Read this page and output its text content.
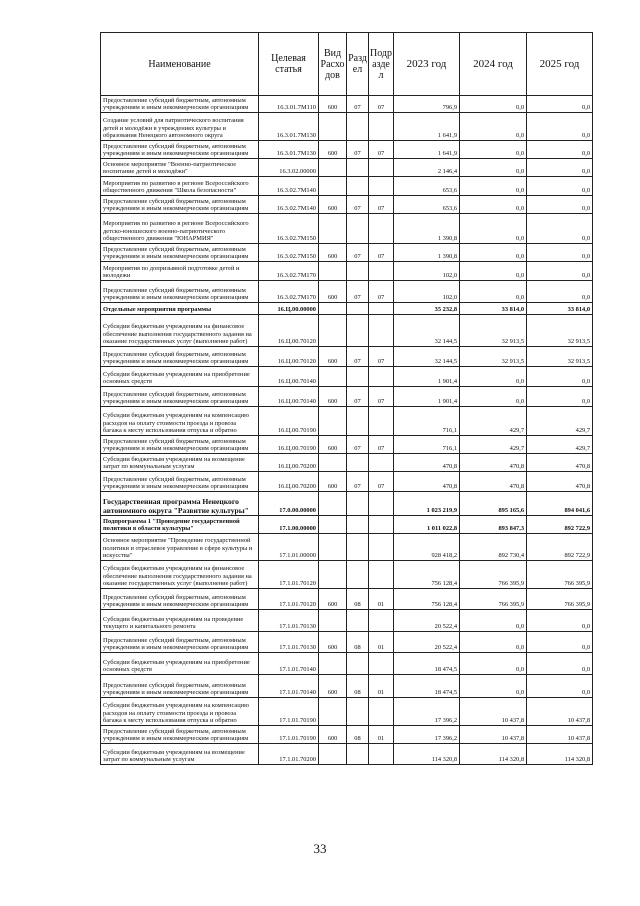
Наименование	Целевая статья	Вид Расхо дов	Разд ел	Подр азде л	2023 год	2024 год	2025 год
Предоставление субсидий бюджетным, автономным учреждениям и иным некоммерческим организациям	16.3.01.7М110	600	07	07	796,9	0,0	0,0
Создание условий для патриотического воспитания детей и молодёжи в учреждениях культуры и образования Ненецкого автономного округа	16.3.01.7М130				1 641,9	0,0	0,0
Предоставление субсидий бюджетным, автономным учреждениям и иным некоммерческим организациям	16.3.01.7М130	600	07	07	1 641,9	0,0	0,0
Основное мероприятие "Военно-патриотическое воспитание детей и молодёжи"	16.3.02.00000				2 146,4	0,0	0,0
Мероприятия по развитию в регионе Всероссийского общественного движения "Школа безопасности"	16.3.02.7М140				653,6	0,0	0,0
Предоставление субсидий бюджетным, автономным учреждениям и иным некоммерческим организациям	16.3.02.7М140	600	07	07	653,6	0,0	0,0
Мероприятия по развитию в регионе Всероссийского детско-юношеского военно-патриотического общественного движения "ЮНАРМИЯ"	16.3.02.7М150				1 390,8	0,0	0,0
Предоставление субсидий бюджетным, автономным учреждениям и иным некоммерческим организациям	16.3.02.7М150	600	07	07	1 390,8	0,0	0,0
Мероприятия по допризывной подготовке детей и молодежи	16.3.02.7М170				102,0	0,0	0,0
Предоставление субсидий бюджетным, автономным учреждениям и иным некоммерческим организациям	16.3.02.7М170	600	07	07	102,0	0,0	0,0
Отдельные мероприятия программы	16.Ц.00.00000				35 232,8	33 814,0	33 814,0
Субсидии бюджетным учреждениям на финансовое обеспечение выполнения государственного задания на оказание государственных услуг (выполнение работ)	16.Ц.00.70120				32 144,5	32 913,5	32 913,5
Предоставление субсидий бюджетным, автономным учреждениям и иным некоммерческим организациям	16.Ц.00.70120	600	07	07	32 144,5	32 913,5	32 913,5
Субсидии бюджетным учреждениям на приобретение основных средств	16.Ц.00.70140				1 901,4	0,0	0,0
Предоставление субсидий бюджетным, автономным учреждениям и иным некоммерческим организациям	16.Ц.00.70140	600	07	07	1 901,4	0,0	0,0
Субсидии бюджетным учреждениям на компенсацию расходов на оплату стоимости проезда и провоза багажа к месту использования отпуска и обратно	16.Ц.00.70190				716,1	429,7	429,7
Предоставление субсидий бюджетным, автономным учреждениям и иным некоммерческим организациям	16.Ц.00.70190	600	07	07	716,1	429,7	429,7
Субсидии бюджетным учреждениям на возмещение затрат по коммунальным услугам	16.Ц.00.70200				470,8	470,8	470,8
Предоставление субсидий бюджетным, автономным учреждениям и иным некоммерческим организациям	16.Ц.00.70200	600	07	07	470,8	470,8	470,8
Государственная программа Ненецкого автономного округа "Развитие культуры"	17.0.00.00000				1 023 219,9	895 165,6	894 041,6
Подпрограмма 1 "Проведение государственной политики в области культуры"	17.1.00.00000				1 011 022,8	893 847,3	892 722,9
Основное мероприятие "Проведение государственной политики и отраслевое управление в сфере культуры и искусства"	17.1.01.00000				928 418,2	892 730,4	892 722,9
Субсидии бюджетным учреждениям на финансовое обеспечение выполнения государственного задания на оказание государственных услуг (выполнение работ)	17.1.01.70120				756 128,4	766 395,9	766 395,9
Предоставление субсидий бюджетным, автономным учреждениям и иным некоммерческим организациям	17.1.01.70120	600	08	01	756 128,4	766 395,9	766 395,9
Субсидии бюджетным учреждениям на проведение текущего и капитального ремонта	17.1.01.70130				20 522,4	0,0	0,0
Предоставление субсидий бюджетным, автономным учреждениям и иным некоммерческим организациям	17.1.01.70130	600	08	01	20 522,4	0,0	0,0
Субсидии бюджетным учреждениям на приобретение основных средств	17.1.01.70140				18 474,5	0,0	0,0
Предоставление субсидий бюджетным, автономным учреждениям и иным некоммерческим организациям	17.1.01.70140	600	08	01	18 474,5	0,0	0,0
Субсидии бюджетным учреждениям на компенсацию расходов на оплату стоимости проезда и провоза багажа к месту использования отпуска и обратно	17.1.01.70190				17 396,2	10 437,8	10 437,8
Предоставление субсидий бюджетным, автономным учреждениям и иным некоммерческим организациям	17.1.01.70190	600	08	01	17 396,2	10 437,8	10 437,8
Субсидии бюджетным учреждениям на возмещение затрат по коммунальным услугам	17.1.01.70200				114 320,8	114 320,8	114 320,8
33
